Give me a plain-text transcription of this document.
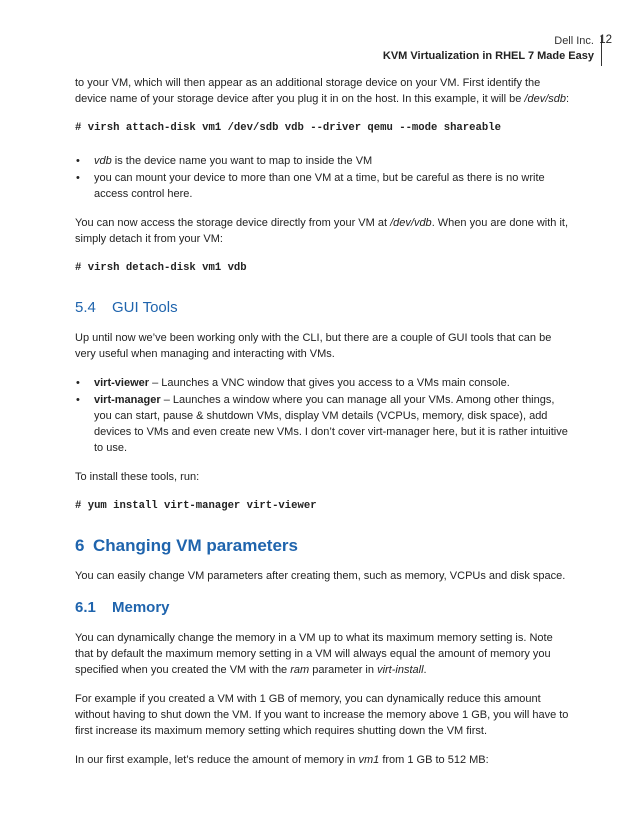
Dell Inc.
KVM Virtualization in RHEL 7 Made Easy
12

to your VM, which will then appear as an additional storage device on your VM. First identify the device name of your storage device after you plug it in on the host. In this example, it will be /dev/sdb:

# virsh attach-disk vm1 /dev/sdb vdb --driver qemu --mode shareable
• vdb is the device name you want to map to inside the VM
• you can mount your device to more than one VM at a time, but be careful as there is no write access control here.

You can now access the storage device directly from your VM at /dev/vdb. When you are done with it, simply detach it from your VM:

# virsh detach-disk vm1 vdb
5.4	GUI Tools

Up until now we’ve been working only with the CLI, but there are a couple of GUI tools that can be very useful when managing and interacting with VMs.

• virt-viewer – Launches a VNC window that gives you access to a VMs main console.
• virt-manager – Launches a window where you can manage all your VMs. Among other things, you can start, pause & shutdown VMs, display VM details (VCPUs, memory, disk space), add devices to VMs and even create new VMs. I don’t cover virt-manager here, but it is rather intuitive to use.

To install these tools, run:

# yum install virt-manager virt-viewer
6 Changing VM parameters

You can easily change VM parameters after creating them, such as memory, VCPUs and disk space.

6.1	Memory

You can dynamically change the memory in a VM up to what its maximum memory setting is. Note that by default the maximum memory setting in a VM will always equal the amount of memory you specified when you created the VM with the ram parameter in virt-install.

For example if you created a VM with 1 GB of memory, you can dynamically reduce this amount without having to shut down the VM. If you want to increase the memory above 1 GB, you will have to first increase its maximum memory setting which requires shutting down the VM first.

In our first example, let’s reduce the amount of memory in vm1 from 1 GB to 512 MB:
